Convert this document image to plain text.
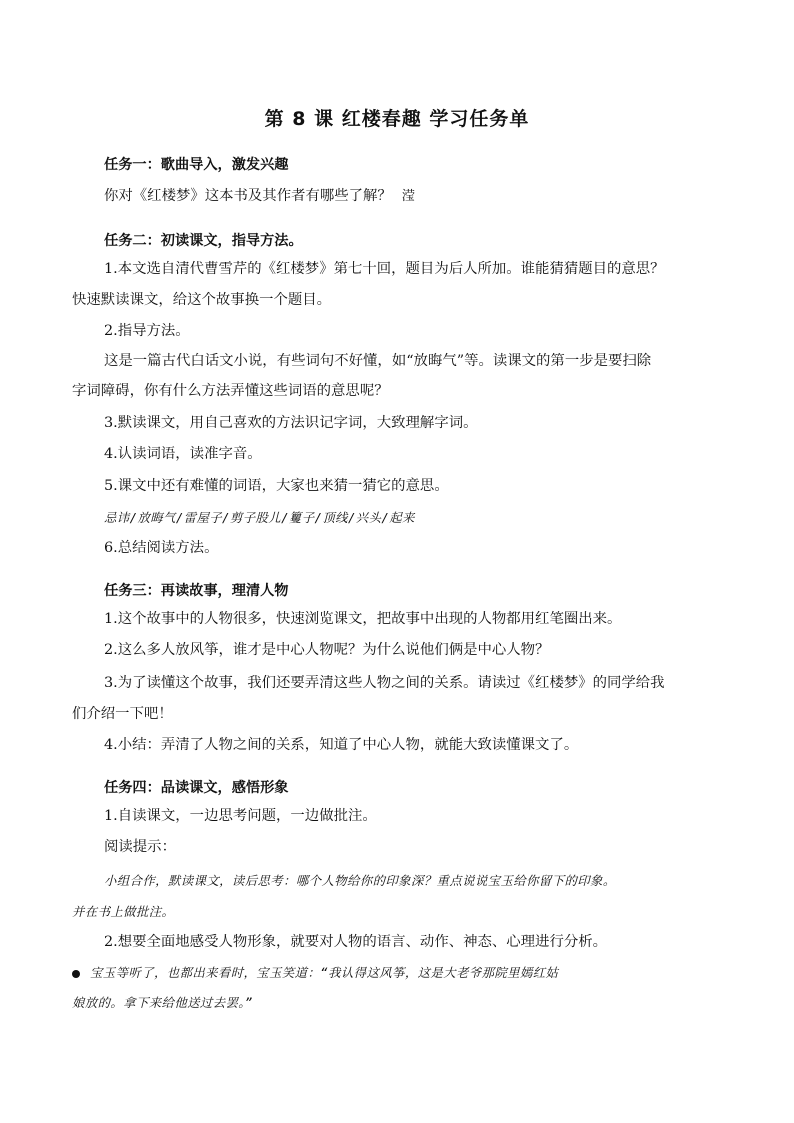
第 8 课 红楼春趣 学习任务单
任务一：歌曲导入，激发兴趣
你对《红楼梦》这本书及其作者有哪些了解？ 滢
任务二：初读课文，指导方法。
1.本文选自清代曹雪芹的《红楼梦》第七十回，题目为后人所加。谁能猜猜题目的意思？
快速默读课文，给这个故事换一个题目。
2.指导方法。
这是一篇古代白话文小说，有些词句不好懂，如“放晦气”等。读课文的第一步是要扫除
字词障碍，你有什么方法弄懂这些词语的意思呢？
3.默读课文，用自己喜欢的方法识记字词，大致理解字词。
4.认读词语，读准字音。
5.课文中还有难懂的词语，大家也来猜一猜它的意思。
忌讳/放晦气/雷屋子/剪子股儿/籰子/顶线/兴头/起来
6.总结阅读方法。
任务三：再读故事，理清人物
1.这个故事中的人物很多，快速浏览课文，把故事中出现的人物都用红笔圈出来。
2.这么多人放风筝，谁才是中心人物呢？为什么说他们俩是中心人物？
3.为了读懂这个故事，我们还要弄清这些人物之间的关系。请读过《红楼梦》的同学给我
们介绍一下吧！
4.小结：弄清了人物之间的关系，知道了中心人物，就能大致读懂课文了。
任务四：品读课文，感悟形象
1.自读课文，一边思考问题，一边做批注。
阅读提示：
小组合作，默读课文，读后思考：哪个人物给你的印象深？重点说说宝玉给你留下的印象。
并在书上做批注。
2.想要全面地感受人物形象，就要对人物的语言、动作、神态、心理进行分析。
宝玉等听了，也都出来看时，宝玉笑道：“我认得这风筝，这是大老爷那院里嫣红姑
娘放的。拿下来给他送过去罢。”
